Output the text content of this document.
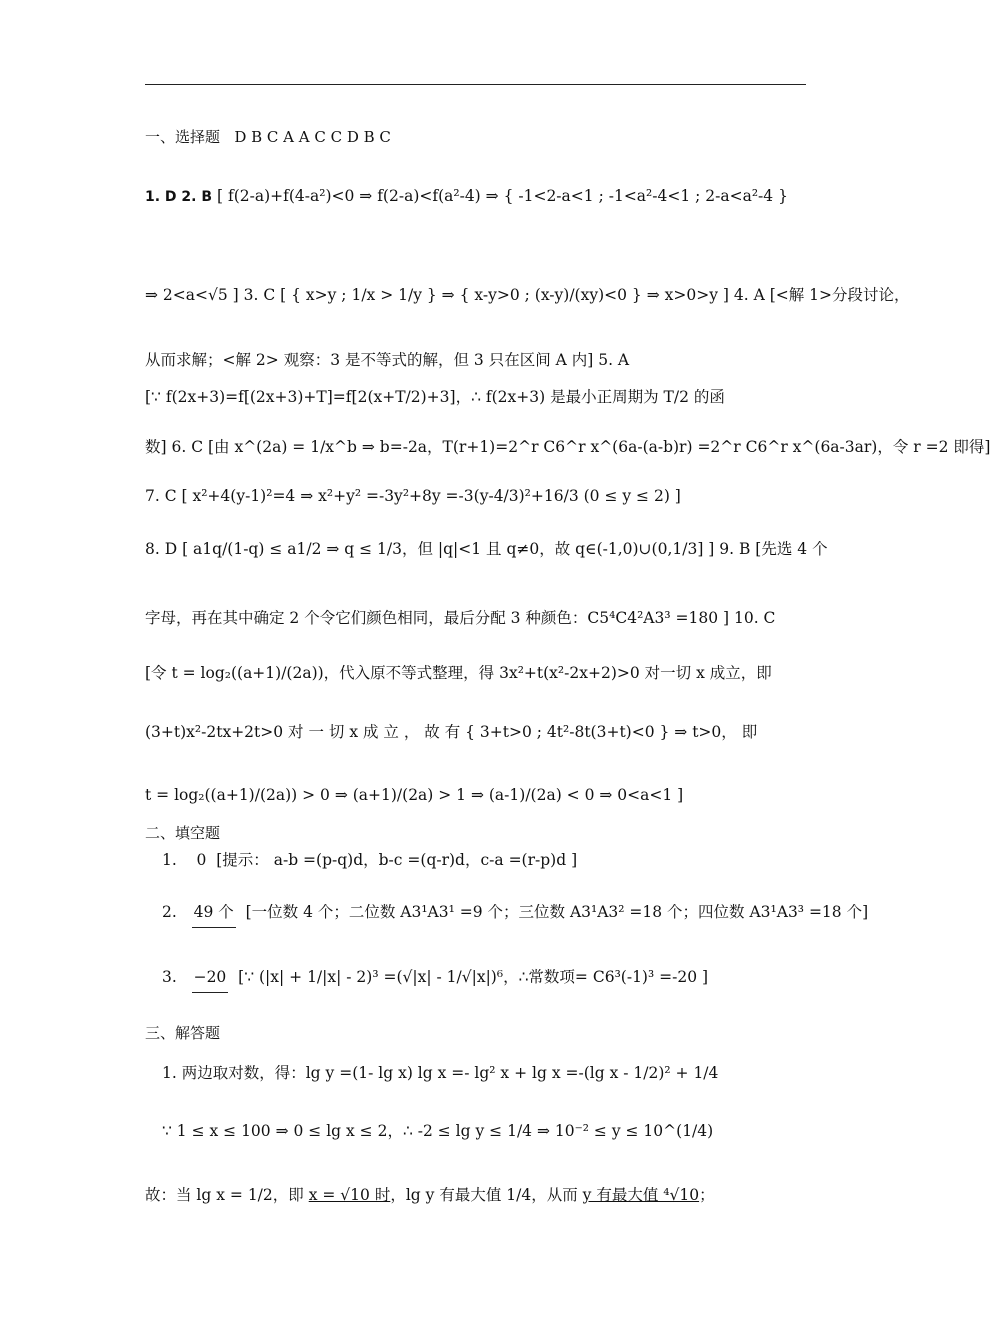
一、选择题 D B C A A C C D B C
1. D 2. B [ f(2-a)+f(4-a²)<0 ⇒ f(2-a)<f(a²-4) ⇒ { -1<2-a<1 ; -1<a²-4<1 ; 2-a<a²-4 }
⇒ 2<a<√5 ] 3. C [ { x>y ; 1/x > 1/y } ⇒ { x-y>0 ; (x-y)/(xy)<0 } ⇒ x>0>y ] 4. A [<解 1>分段讨论，
从而求解；<解 2> 观察：3 是不等式的解，但 3 只在区间 A 内] 5. A
[∵ f(2x+3)=f[(2x+3)+T]=f[2(x+T/2)+3]，∴ f(2x+3) 是最小正周期为 T/2 的函
数] 6. C [由 x^(2a) = 1/x^b ⇒ b=-2a，T(r+1)=2^r C6^r x^(6a-(a-b)r) =2^r C6^r x^(6a-3ar)，令 r =2 即得]
7. C [ x²+4(y-1)²=4 ⇒ x²+y² =-3y²+8y =-3(y-4/3)²+16/3 (0 ≤ y ≤ 2) ]
8. D [ a1q/(1-q) ≤ a1/2 ⇒ q ≤ 1/3，但 |q|<1 且 q≠0，故 q∈(-1,0)∪(0,1/3] ] 9. B [先选 4 个
字母，再在其中确定 2 个令它们颜色相同，最后分配 3 种颜色：C5⁴C4²A3³ =180 ] 10. C
[令 t = log₂((a+1)/(2a))，代入原不等式整理，得 3x²+t(x²-2x+2)>0 对一切 x 成立，即
(3+t)x²-2tx+2t>0 对 一 切 x 成 立 ， 故 有 { 3+t>0 ; 4t²-8t(3+t)<0 } ⇒ t>0， 即
t = log₂((a+1)/(2a)) > 0 ⇒ (a+1)/(2a) > 1 ⇒ (a-1)/(2a) < 0 ⇒ 0<a<1 ]
二、填空题
1. 0 [提示： a-b =(p-q)d，b-c =(q-r)d，c-a =(r-p)d ]
2. 49 个 [一位数 4 个；二位数 A3¹A3¹ =9 个；三位数 A3¹A3² =18 个；四位数 A3¹A3³ =18 个]
3. −20 [∵ (|x| + 1/|x| - 2)³ =(√|x| - 1/√|x|)⁶，∴常数项= C6³(-1)³ =-20 ]
三、解答题
1. 两边取对数，得：lg y =(1- lg x) lg x =- lg² x + lg x =-(lg x - 1/2)² + 1/4
∵ 1 ≤ x ≤ 100 ⇒ 0 ≤ lg x ≤ 2，∴ -2 ≤ lg y ≤ 1/4 ⇒ 10⁻² ≤ y ≤ 10^(1/4)
故：当 lg x = 1/2，即 x = √10 时，lg y 有最大值 1/4，从而 y 有最大值 ⁴√10；
